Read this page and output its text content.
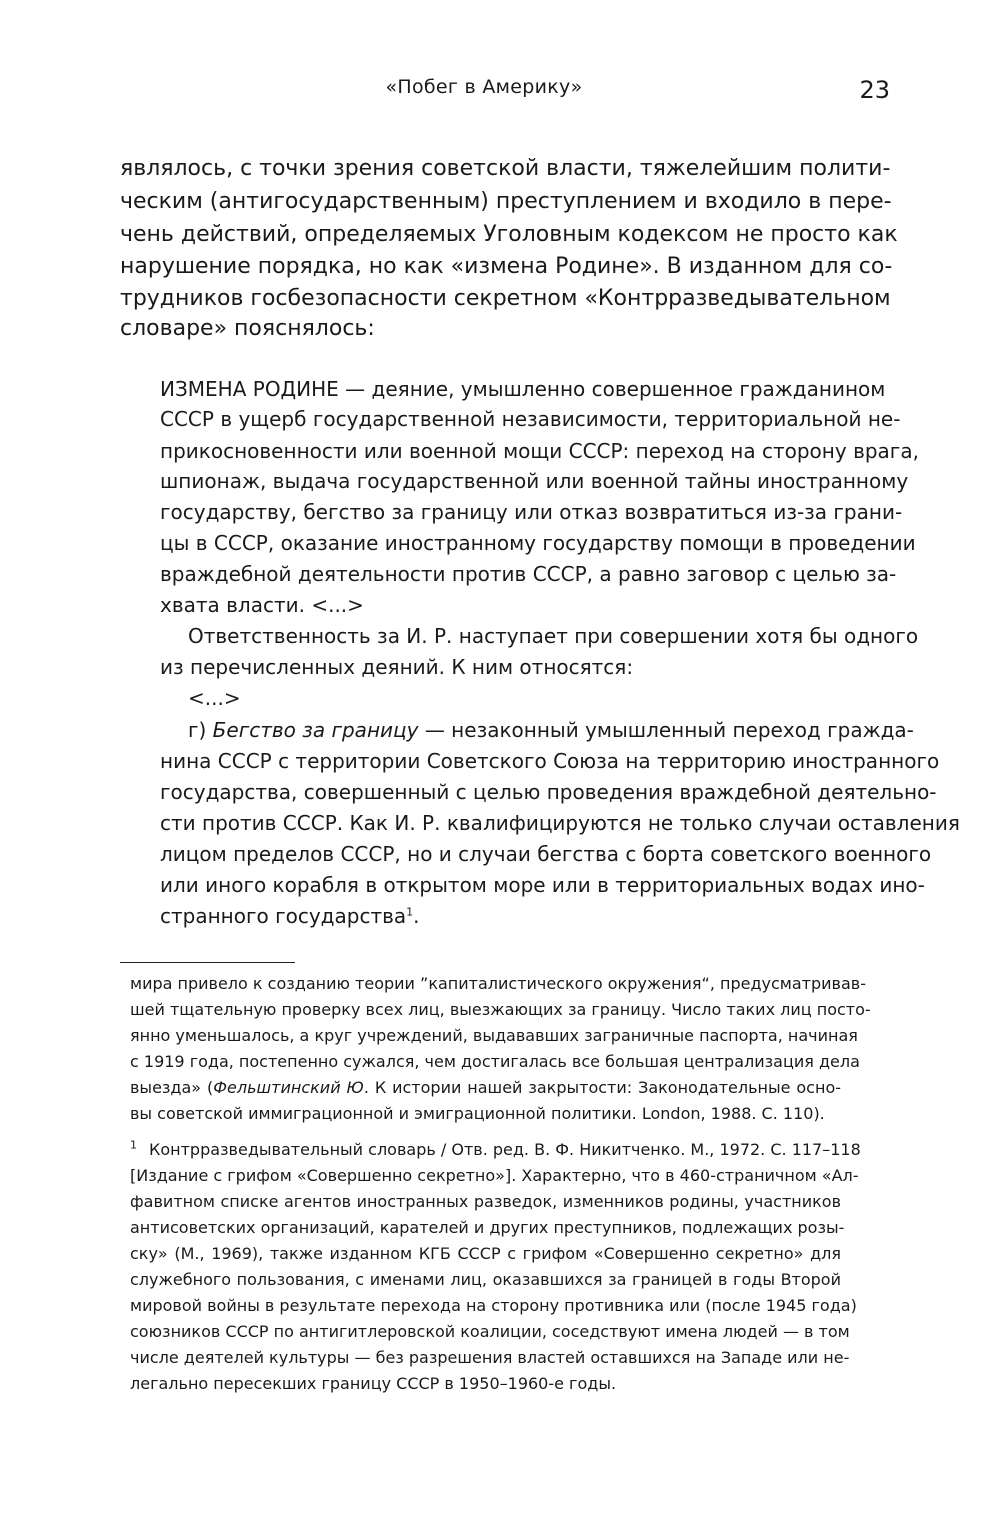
«Побег в Америку»	23
являлось, с точки зрения советской власти, тяжелейшим полити-
ческим (антигосударственным) преступлением и входило в пере-
чень действий, определяемых Уголовным кодексом не просто как
нарушение порядка, но как «измена Родине». В изданном для со-
трудников госбезопасности секретном «Контрразведывательном
словаре» пояснялось:
ИЗМЕНА РОДИНЕ — деяние, умышленно совершенное гражданином
СССР в ущерб государственной независимости, территориальной не-
прикосновенности или военной мощи СССР: переход на сторону врага,
шпионаж, выдача государственной или военной тайны иностранному
государству, бегство за границу или отказ возвратиться из-за грани-
цы в СССР, оказание иностранному государству помощи в проведении
враждебной деятельности против СССР, а равно заговор с целью за-
хвата власти. <...>
Ответственность за И. Р. наступает при совершении хотя бы одного
из перечисленных деяний. К ним относятся:
<...>
г) Бегство за границу — незаконный умышленный переход гражда-
нина СССР с территории Советского Союза на территорию иностранного
государства, совершенный с целью проведения враждебной деятельно-
сти против СССР. Как И. Р. квалифицируются не только случаи оставления
лицом пределов СССР, но и случаи бегства с борта советского военного
или иного корабля в открытом море или в территориальных водах ино-
странного государства$^1$.
мира привело к созданию теории ”капиталистического окружения“, предусматривав-
шей тщательную проверку всех лиц, выезжающих за границу. Число таких лиц посто-
янно уменьшалось, а круг учреждений, выдававших заграничные паспорта, начиная
с 1919 года, постепенно сужался, чем достигалась все большая централизация дела
выезда» (Фельштинский Ю. К истории нашей закрытости: Законодательные осно-
вы советской иммиграционной и эмиграционной политики. London, 1988. С. 110).
$^1$ Контрразведывательный словарь / Отв. ред. В. Ф. Никитченко. М., 1972. С. 117–118
[Издание с грифом «Совершенно секретно»]. Характерно, что в 460-страничном «Ал-
фавитном списке агентов иностранных разведок, изменников родины, участников
антисоветских организаций, карателей и других преступников, подлежащих розы-
ску» (М., 1969), также изданном КГБ СССР с грифом «Совершенно секретно» для
служебного пользования, с именами лиц, оказавшихся за границей в годы Второй
мировой войны в результате перехода на сторону противника или (после 1945 года)
союзников СССР по антигитлеровской коалиции, соседствуют имена людей — в том
числе деятелей культуры — без разрешения властей оставшихся на Западе или не-
легально пересекших границу СССР в 1950–1960-е годы.
